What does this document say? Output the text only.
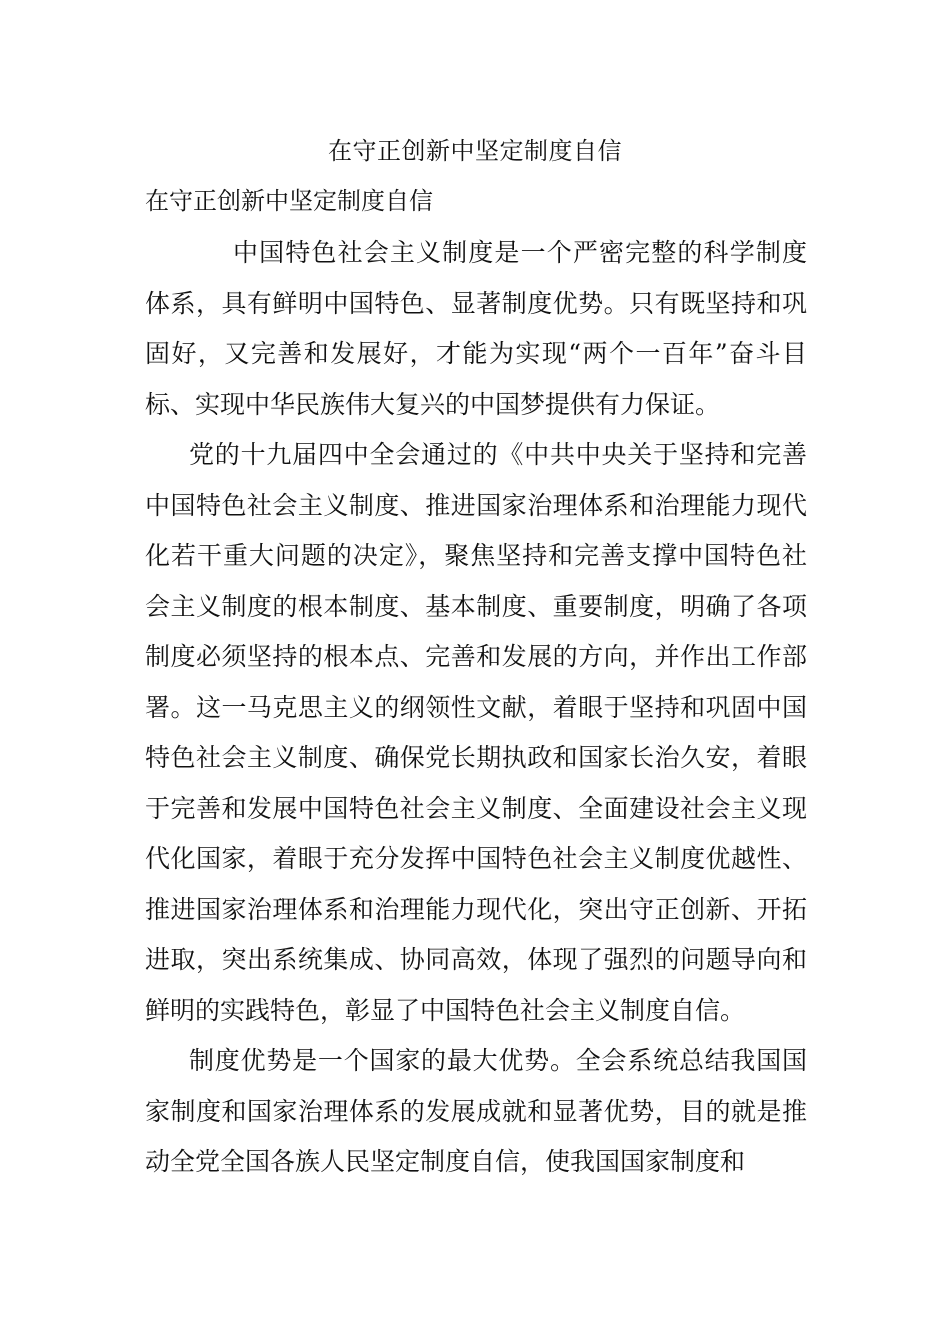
在守正创新中坚定制度自信
在守正创新中坚定制度自信

中国特色社会主义制度是一个严密完整的科学制度体系，具有鲜明中国特色、显著制度优势。只有既坚持和巩固好，又完善和发展好，才能为实现“两个一百年”奋斗目标、实现中华民族伟大复兴的中国梦提供有力保证。

党的十九届四中全会通过的《中共中央关于坚持和完善中国特色社会主义制度、推进国家治理体系和治理能力现代化若干重大问题的决定》，聚焦坚持和完善支撑中国特色社会主义制度的根本制度、基本制度、重要制度，明确了各项制度必须坚持的根本点、完善和发展的方向，并作出工作部署。这一马克思主义的纲领性文献，着眼于坚持和巩固中国特色社会主义制度、确保党长期执政和国家长治久安，着眼于完善和发展中国特色社会主义制度、全面建设社会主义现代化国家，着眼于充分发挥中国特色社会主义制度优越性、推进国家治理体系和治理能力现代化，突出守正创新、开拓进取，突出系统集成、协同高效，体现了强烈的问题导向和鲜明的实践特色，彰显了中国特色社会主义制度自信。

制度优势是一个国家的最大优势。全会系统总结我国国家制度和国家治理体系的发展成就和显著优势，目的就是推动全党全国各族人民坚定制度自信，使我国国家制度和
